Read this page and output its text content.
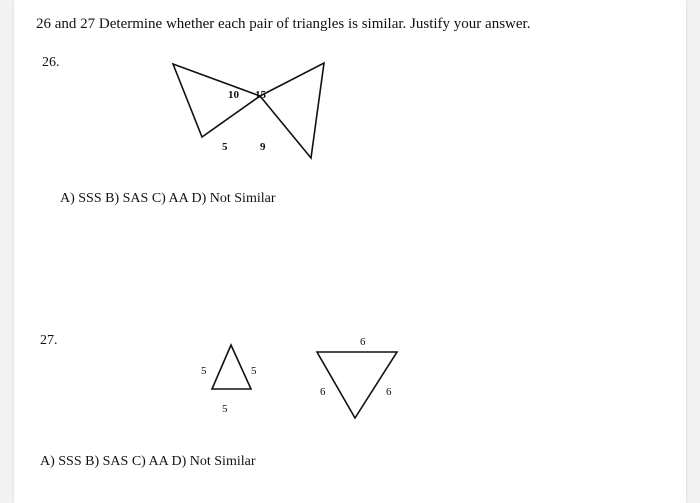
26 and 27 Determine whether each pair of triangles is similar. Justify your answer.
26.
10 15
5	9
A) SSS B) SAS C) AA D) Not Similar
27.
5	5
5
6
6	6
A) SSS B) SAS C) AA D) Not Similar
